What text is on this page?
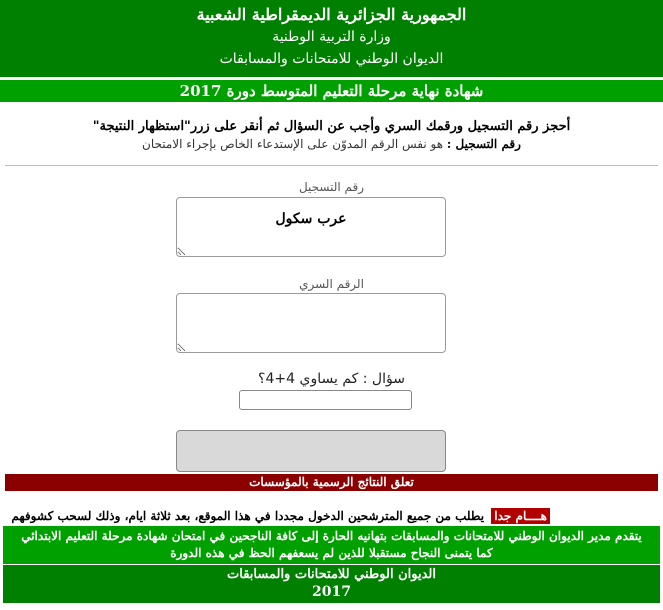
الجمهورية الجزائرية الديمقراطية الشعبية
وزارة التربية الوطنية
الديوان الوطني للامتحانات والمسابقات
شهادة نهاية مرحلة التعليم المتوسط دورة 2017
أحجز رقم التسجيل ورقمك السري وأجب عن السؤال ثم أنقر على زرر"استظهار النتيجة"
رقم التسجيل : هو نفس الرقم المدوّن على الإستدعاء الخاص بإجراء الامتحان
رقم التسجيل
عرب سكول
الرقم السري
سؤال : كم يساوي 4+4؟
تعلق النتائج الرسمية بالمؤسسات
هــــام جدا يطلب من جميع المترشحين الدخول مجددا في هذا الموقع، بعد ثلاثة ايام، وذلك لسحب كشوفهم
يتقدم مدير الديوان الوطني للامتحانات والمسابقات بتهانيه الحارة إلى كافة الناجحين في امتحان شهادة مرحلة التعليم الابتدائي
كما يتمنى النجاح مستقبلا للذين لم يسعفهم الحظ في هذه الدورة
الديوان الوطني للامتحانات والمسابقات
2017
